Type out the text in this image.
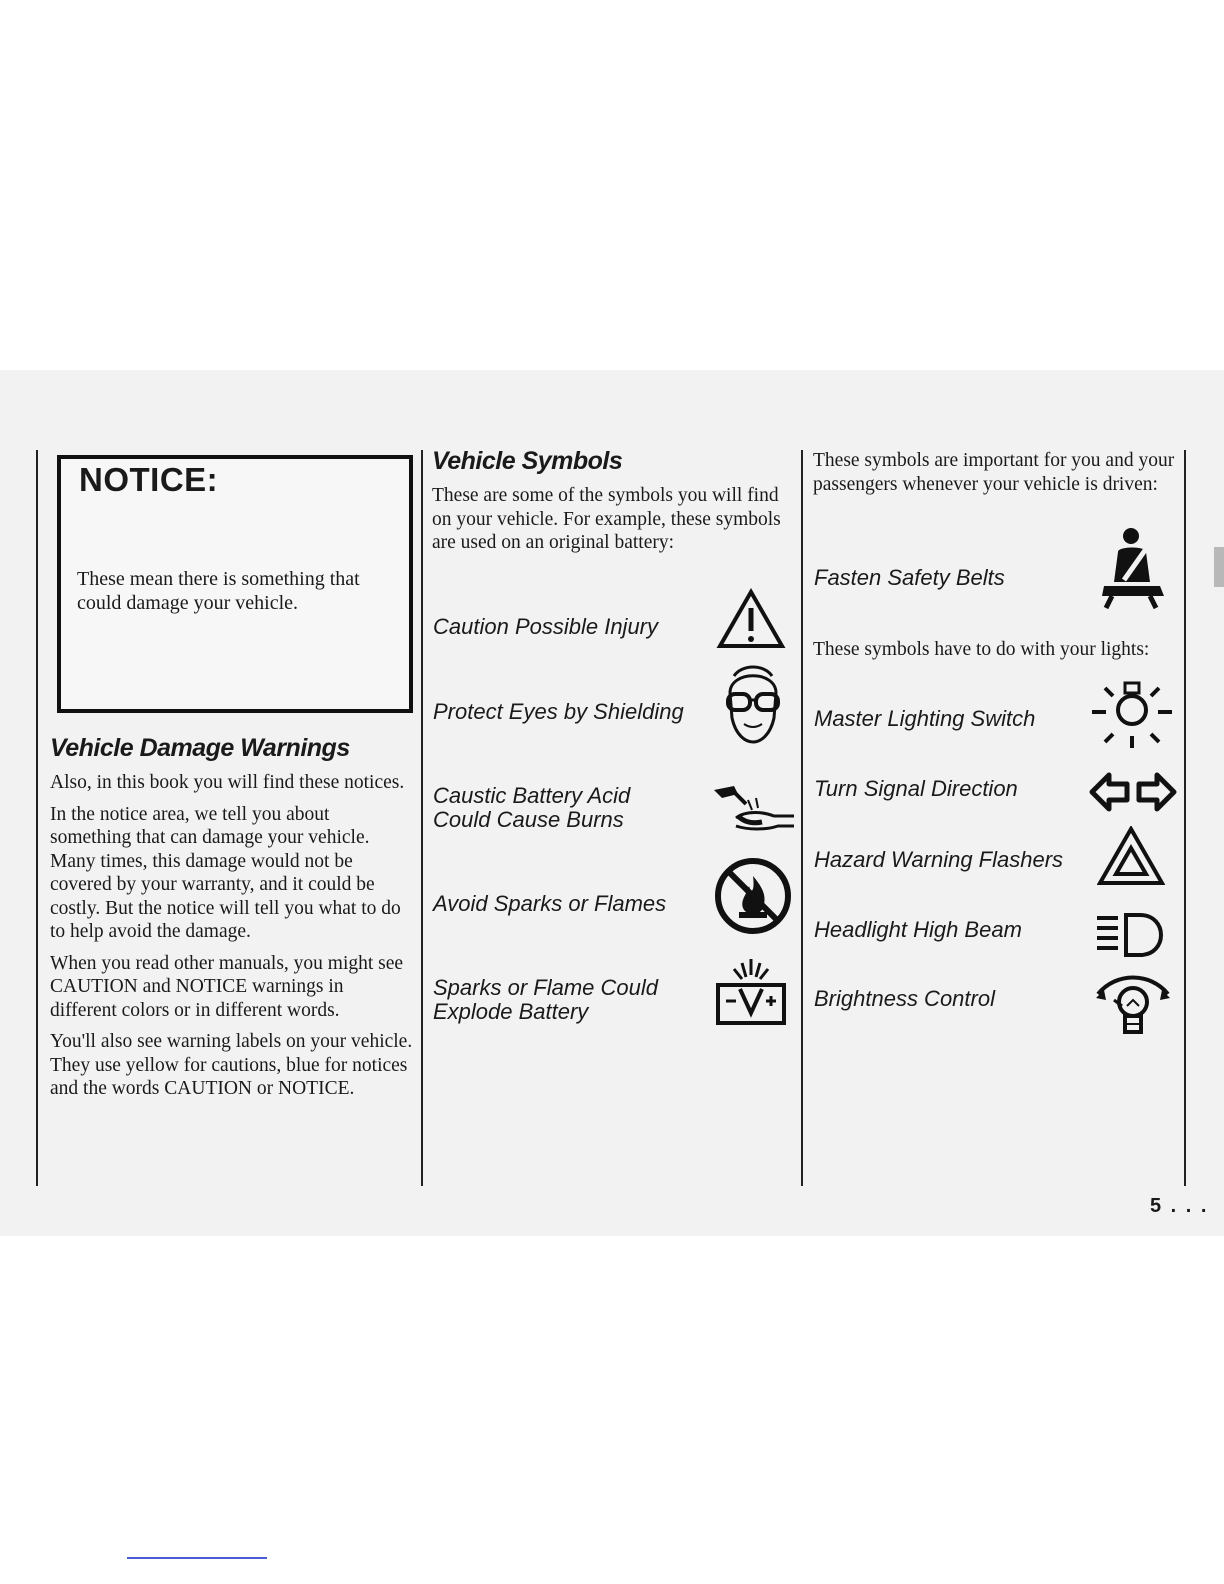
NOTICE:
These mean there is something that could damage your vehicle.
Vehicle Damage Warnings

Also, in this book you will find these notices.

In the notice area, we tell you about something that can damage your vehicle. Many times, this damage would not be covered by your warranty, and it could be costly. But the notice will tell you what to do to help avoid the damage.

When you read other manuals, you might see CAUTION and NOTICE warnings in different colors or in different words.

You'll also see warning labels on your vehicle. They use yellow for cautions, blue for notices and the words CAUTION or NOTICE.

Vehicle Symbols
These are some of the symbols you will find on your vehicle. For example, these symbols are used on an original battery:
Caution Possible Injury
Protect Eyes by Shielding
Caustic Battery Acid
Could Cause Burns
Avoid Sparks or Flames
Sparks or Flame Could
Explode Battery
These symbols are important for you and your passengers whenever your vehicle is driven:
Fasten Safety Belts
These symbols have to do with your lights:
Master Lighting Switch
Turn Signal Direction
Hazard Warning Flashers
Headlight High Beam
Brightness Control
5 . . .
